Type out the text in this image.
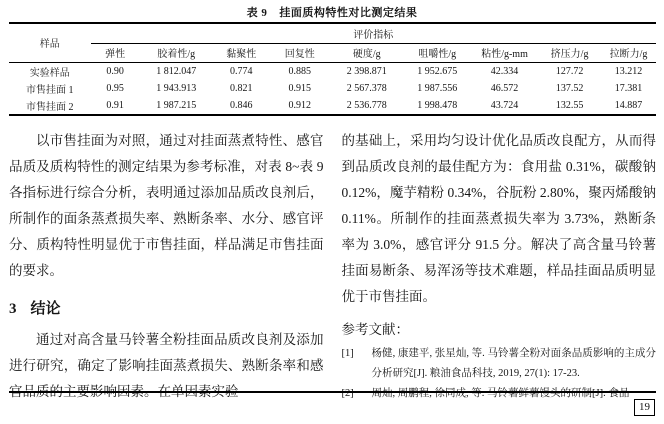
表 9 挂面质构特性对比测定结果
样品	评价指标								
	弹性	胶着性/g	黏聚性	回复性	硬度/g	咀嚼性/g	粘性/g-mm	挤压力/g	拉断力/g
实验样品	0.90	1 812.047	0.774	0.885	2 398.871	1 952.675	42.334	127.72	13.212
市售挂面 1	0.95	1 943.913	0.821	0.915	2 567.378	1 987.556	46.572	137.52	17.381
市售挂面 2	0.91	1 987.215	0.846	0.912	2 536.778	1 998.478	43.724	132.55	14.887

以市售挂面为对照，通过对挂面蒸煮特性、感官品质及质构特性的测定结果为参考标准，对表 8~表 9 各指标进行综合分析，表明通过添加品质改良剂后，所制作的面条蒸煮损失率、熟断条率、水分、感官评分、质构特性明显优于市售挂面，样品满足市售挂面的要求。

3 结论

通过对高含量马铃薯全粉挂面品质改良剂及添加进行研究，确定了影响挂面蒸煮损失、熟断条率和感官品质的主要影响因素。在单因素实验

的基础上，采用均匀设计优化品质改良配方，从而得到品质改良剂的最佳配方为：食用盐 0.31%，碳酸钠 0.12%，魔芋精粉 0.34%，谷朊粉 2.80%，聚丙烯酸钠 0.11%。所制作的挂面蒸煮损失率为 3.73%，熟断条率为 3.0%，感官评分 91.5 分。解决了高含量马铃薯挂面易断条、易浑汤等技术难题，样品挂面品质明显优于市售挂面。

参考文献：

[1]	杨健, 康建平, 张星灿, 等. 马铃薯全粉对面条品质影响的主成分分析研究[J]. 粮油食品科技, 2019, 27(1): 17-23.
[2]	周灿, 周鹏程, 徐同成, 等. 马铃薯鲜薯馒头的研制[J]. 食品
19
